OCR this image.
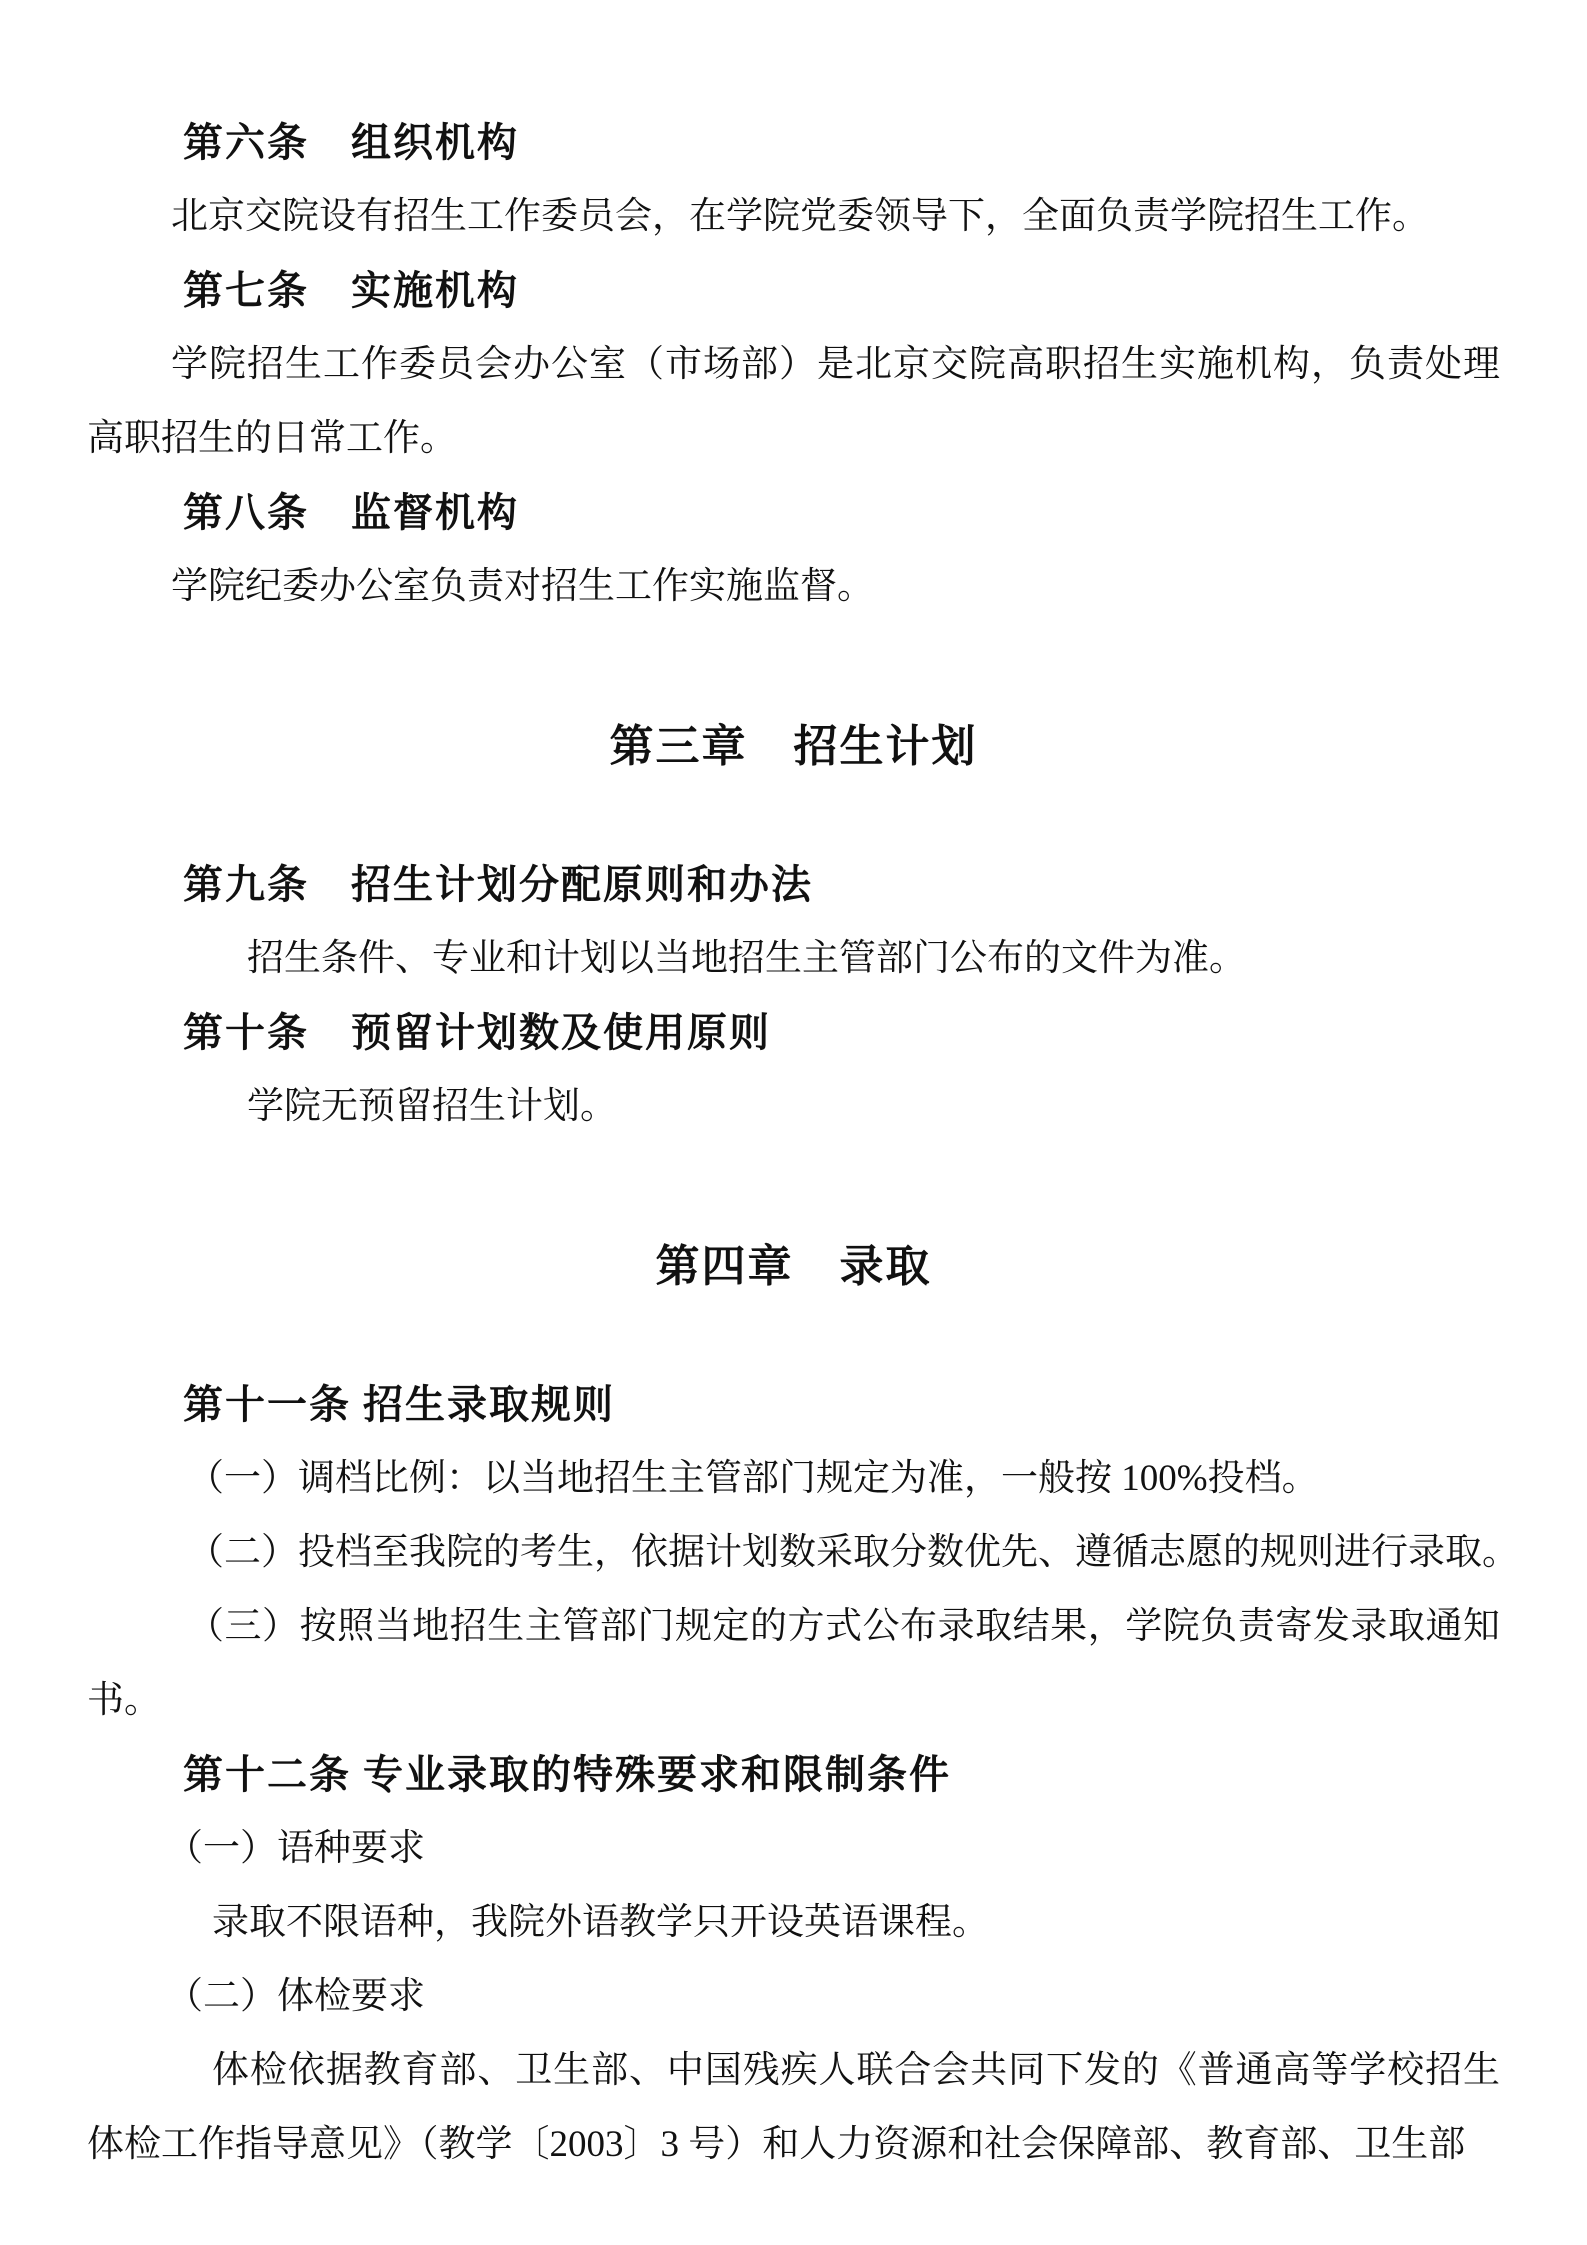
第六条　组织机构

北京交院设有招生工作委员会，在学院党委领导下，全面负责学院招生工作。

第七条　实施机构

学院招生工作委员会办公室（市场部）是北京交院高职招生实施机构，负责处理高职招生的日常工作。

第八条　监督机构

学院纪委办公室负责对招生工作实施监督。

第三章　招生计划

第九条　招生计划分配原则和办法

招生条件、专业和计划以当地招生主管部门公布的文件为准。

第十条　预留计划数及使用原则

学院无预留招生计划。

第四章　录取

第十一条 招生录取规则

（一）调档比例：以当地招生主管部门规定为准，一般按 100%投档。

（二）投档至我院的考生，依据计划数采取分数优先、遵循志愿的规则进行录取。

（三）按照当地招生主管部门规定的方式公布录取结果，学院负责寄发录取通知书。

第十二条 专业录取的特殊要求和限制条件

（一）语种要求

录取不限语种，我院外语教学只开设英语课程。

（二）体检要求

体检依据教育部、卫生部、中国残疾人联合会共同下发的《普通高等学校招生体检工作指导意见》（教学〔2003〕3 号）和人力资源和社会保障部、教育部、卫生部
